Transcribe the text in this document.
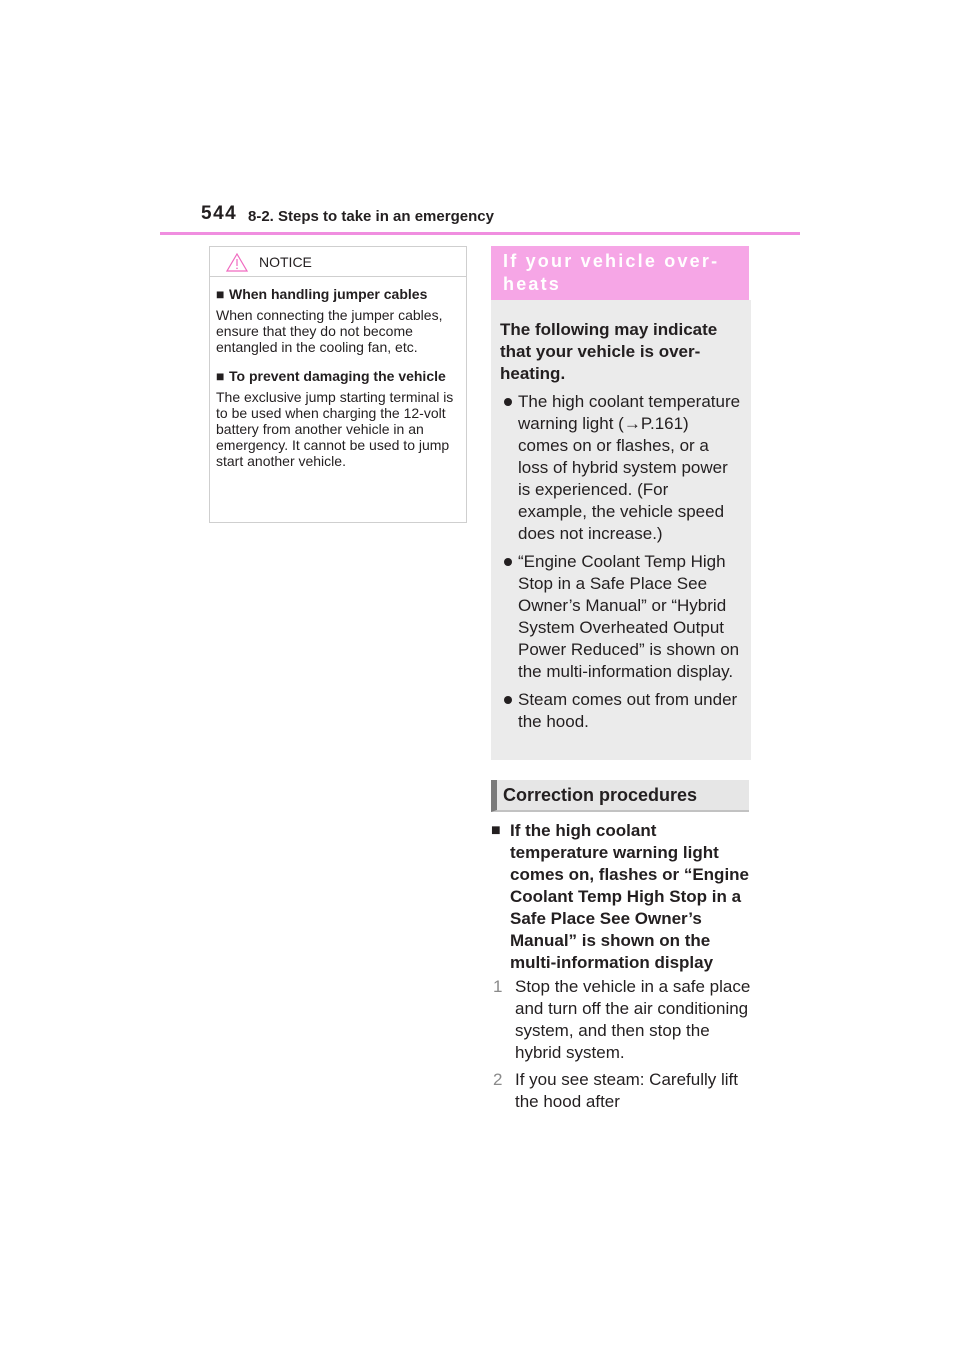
544 8-2. Steps to take in an emergency
NOTICE

■ When handling jumper cables

When connecting the jumper cables, ensure that they do not become entangled in the cooling fan, etc.

■ To prevent damaging the vehicle

The exclusive jump starting terminal is to be used when charging the 12-volt battery from another vehicle in an emergency. It cannot be used to jump start another vehicle.

If your vehicle over-heats

The following may indicate that your vehicle is over-heating.

The high coolant temperature warning light (→P.161) comes on or flashes, or a loss of hybrid system power is experienced. (For example, the vehicle speed does not increase.)
“Engine Coolant Temp High Stop in a Safe Place See Owner’s Manual” or “Hybrid System Overheated Output Power Reduced” is shown on the multi-information display.
Steam comes out from under the hood.
Correction procedures
■ If the high coolant temperature warning light comes on, flashes or “Engine Coolant Temp High Stop in a Safe Place See Owner’s Manual” is shown on the multi-information display
1 Stop the vehicle in a safe place and turn off the air conditioning system, and then stop the hybrid system.
2 If you see steam: Carefully lift the hood after
